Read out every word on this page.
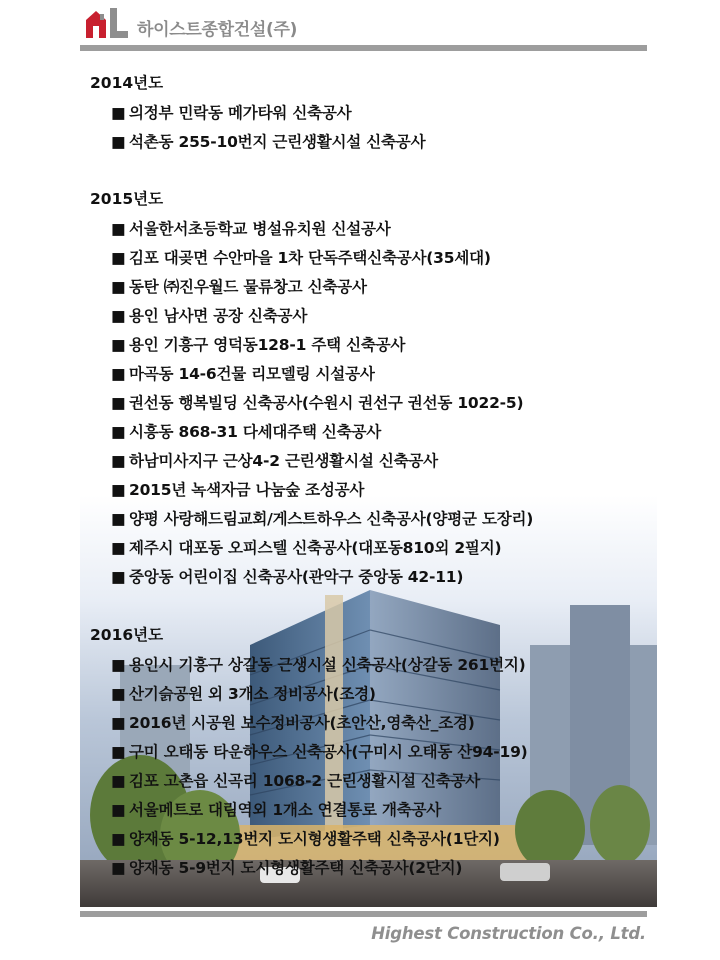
하이스트종합건설(주)
2014년도
■ 의정부 민락동 메가타워 신축공사
■ 석촌동 255-10번지 근린생활시설 신축공사
2015년도
■ 서울한서초등학교 병설유치원 신설공사
■ 김포 대곶면 수안마을 1차 단독주택신축공사(35세대)
■ 동탄 ㈜진우월드 물류창고 신축공사
■ 용인 남사면 공장 신축공사
■ 용인 기흥구 영덕동128-1 주택 신축공사
■ 마곡동 14-6건물 리모델링 시설공사
■ 권선동 행복빌딩 신축공사(수원시 권선구 권선동 1022-5)
■ 시흥동 868-31 다세대주택 신축공사
■ 하남미사지구 근상4-2 근린생활시설 신축공사
■ 2015년 녹색자금 나눔숲 조성공사
■ 양평 사랑해드림교회/게스트하우스 신축공사(양평군 도장리)
■ 제주시 대포동 오피스텔 신축공사(대포동810외 2필지)
■ 중앙동 어린이집 신축공사(관악구 중앙동 42-11)
2016년도
■ 용인시 기흥구 상갈동 근생시설 신축공사(상갈동 261번지)
■ 산기슭공원 외 3개소 정비공사(조경)
■ 2016년 시공원 보수정비공사(초안산,영축산_조경)
■ 구미 오태동 타운하우스 신축공사(구미시 오태동 산94-19)
■ 김포 고촌읍 신곡리 1068-2 근린생활시설 신축공사
■ 서울메트로 대림역외 1개소 연결통로 개축공사
■ 양재동 5-12,13번지 도시형생활주택 신축공사(1단지)
■ 양재동 5-9번지 도시형생활주택 신축공사(2단지)
Highest Construction Co., Ltd.
